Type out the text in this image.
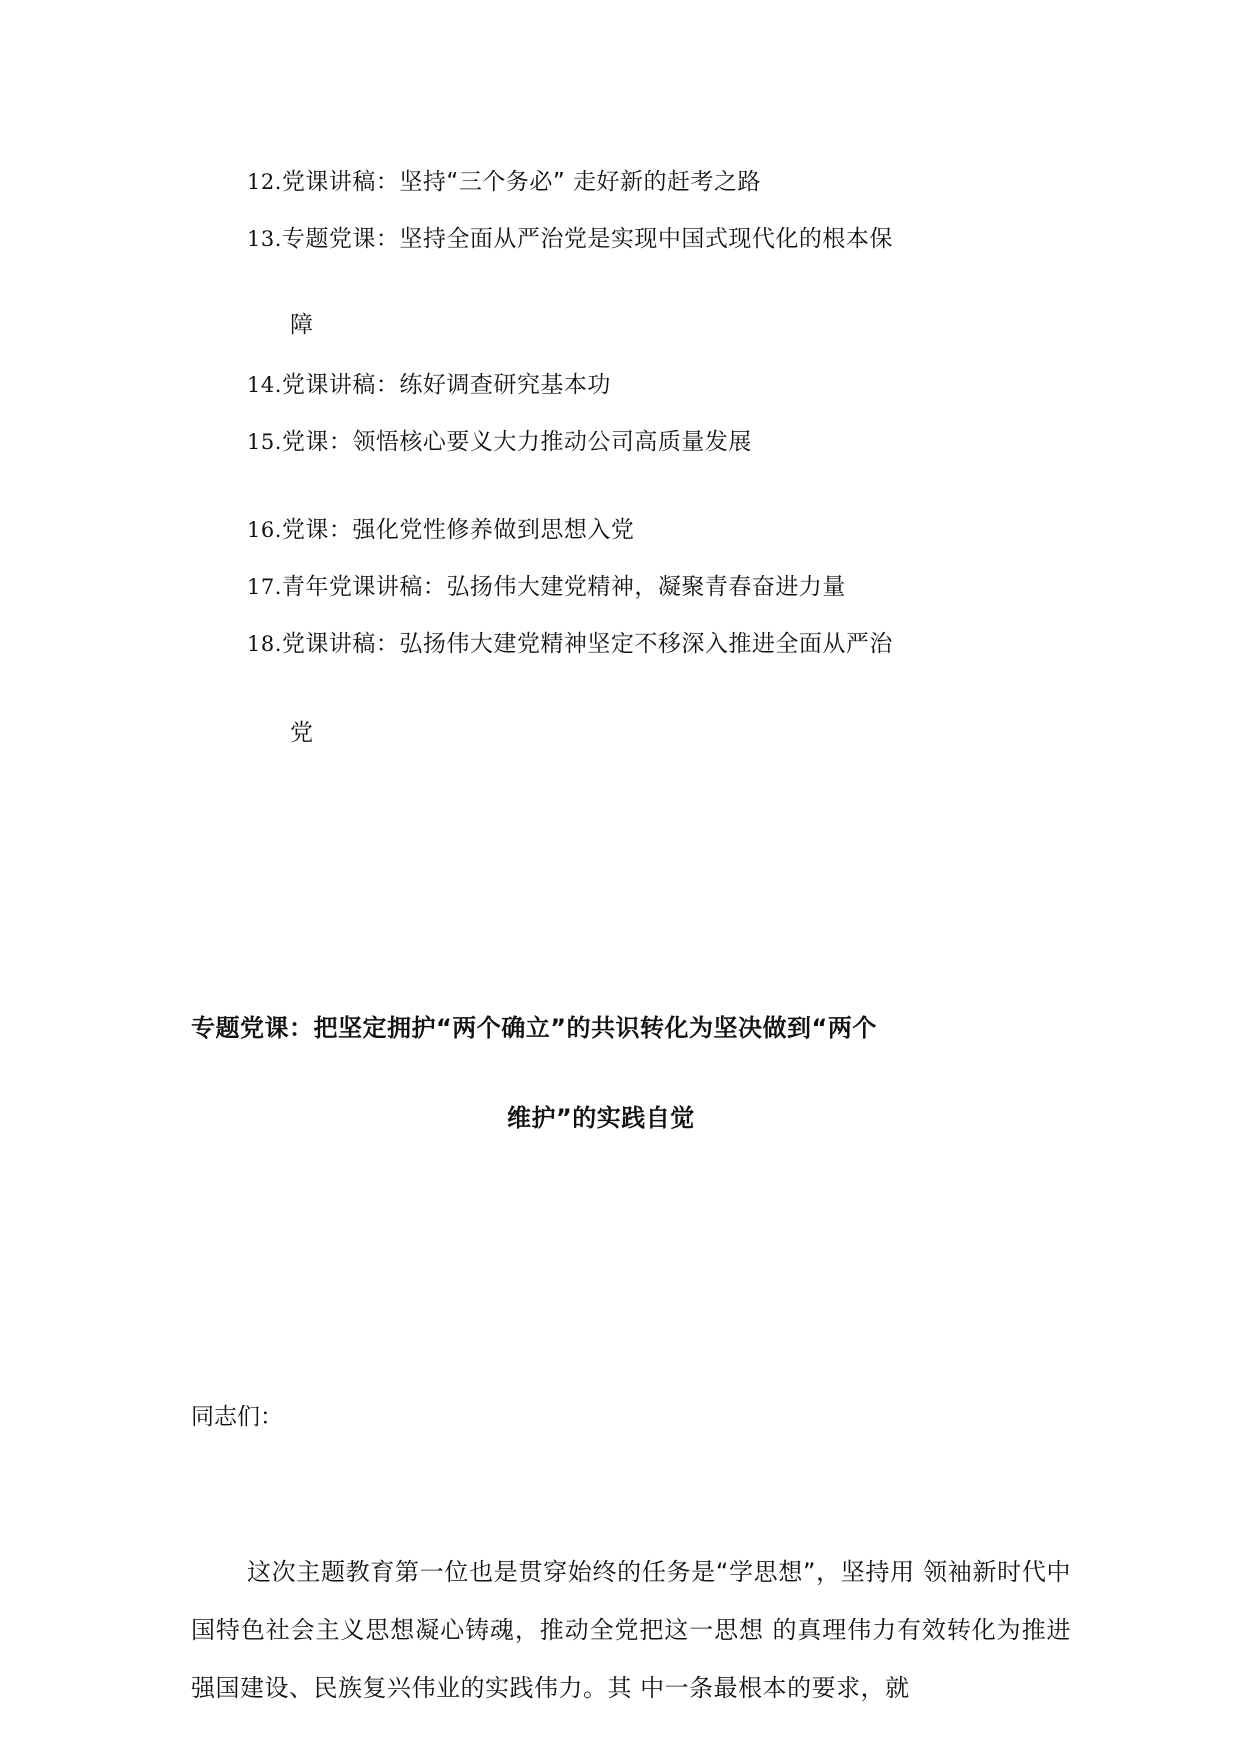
12.党课讲稿：坚持“三个务必” 走好新的赶考之路
13.专题党课：坚持全面从严治党是实现中国式现代化的根本保
障
14.党课讲稿：练好调查研究基本功
15.党课：领悟核心要义大力推动公司高质量发展
16.党课：强化党性修养做到思想入党
17.青年党课讲稿：弘扬伟大建党精神，凝聚青春奋进力量
18.党课讲稿：弘扬伟大建党精神坚定不移深入推进全面从严治
党
专题党课：把坚定拥护“两个确立”的共识转化为坚决做到“两个
维护”的实践自觉
同志们：
这次主题教育第一位也是贯穿始终的任务是“学思想”，坚持用 领袖新时代中国特色社会主义思想凝心铸魂，推动全党把这一思想 的真理伟力有效转化为推进强国建设、民族复兴伟业的实践伟力。其 中一条最根本的要求，就
